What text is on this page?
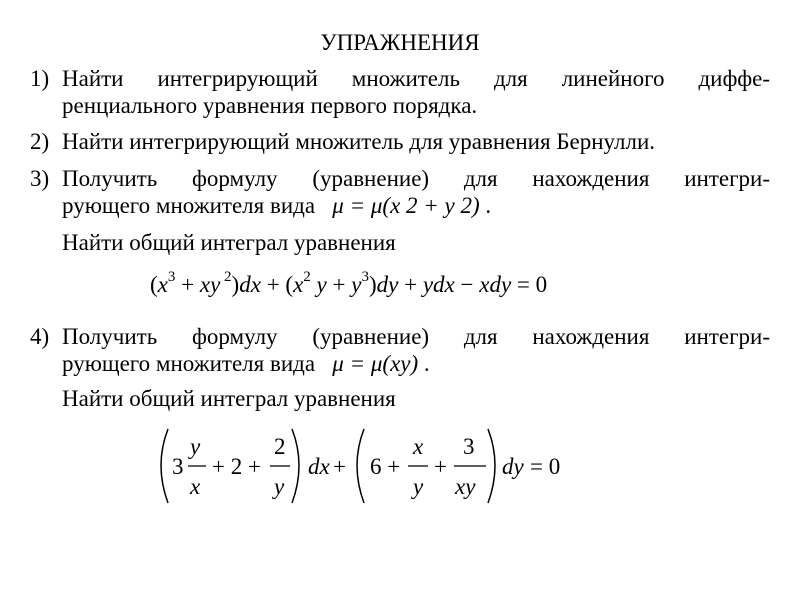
УПРАЖНЕНИЯ
1) Найти интегрирующий множитель для линейного диффе-
ренциального уравнения первого порядка.
2) Найти интегрирующий множитель для уравнения Бернулли.
3) Получить формулу (уравнение) для нахождения интегри-
рующего множителя вида μ = μ(x 2 + y 2) .
Найти общий интеграл уравнения
($x^3$ + xy $^2)dx + (x^2$ $y + y^3)dy$ + ydx − xdy = 0
4) Получить формулу (уравнение) для нахождения интегри-
рующего множителя вида μ = μ(xy) .
Найти общий интеграл уравнения
3
y
x
+ 2 +
2
y
dx + 6 +
x
y
+
3
xy
dy = 0
